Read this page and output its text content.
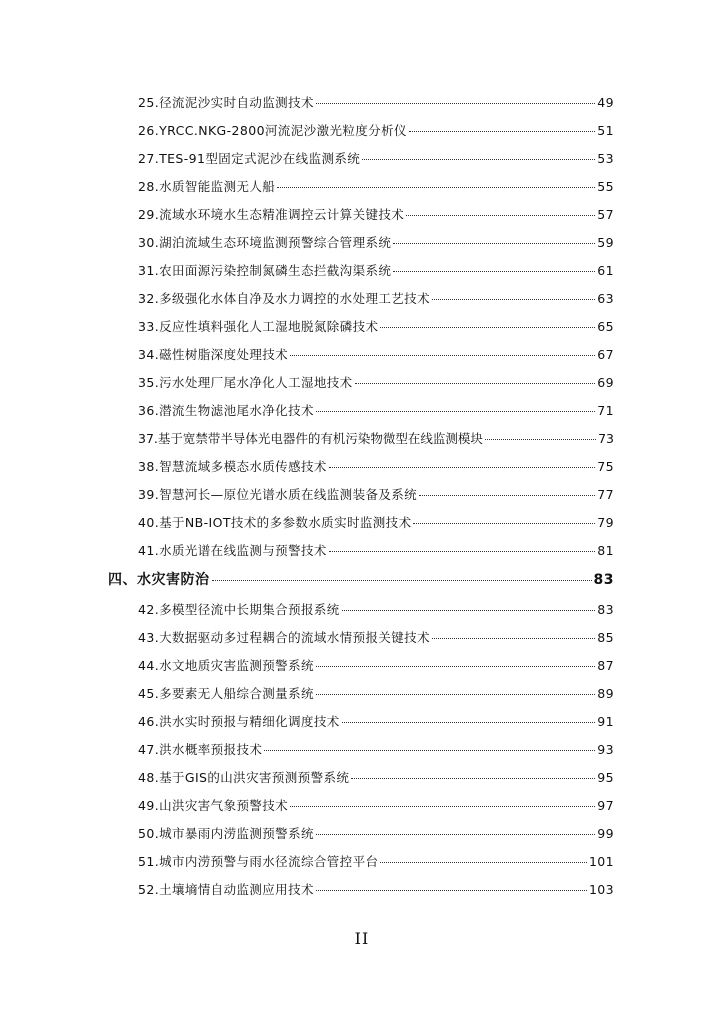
25.径流泥沙实时自动监测技术	49
26.YRCC.NKG-2800河流泥沙激光粒度分析仪	51
27.TES-91型固定式泥沙在线监测系统	53
28.水质智能监测无人船	55
29.流域水环境水生态精准调控云计算关键技术	57
30.湖泊流域生态环境监测预警综合管理系统	59
31.农田面源污染控制氮磷生态拦截沟渠系统	61
32.多级强化水体自净及水力调控的水处理工艺技术	63
33.反应性填料强化人工湿地脱氮除磷技术	65
34.磁性树脂深度处理技术	67
35.污水处理厂尾水净化人工湿地技术	69
36.潜流生物滤池尾水净化技术	71
37.基于宽禁带半导体光电器件的有机污染物微型在线监测模块	73
38.智慧流域多模态水质传感技术	75
39.智慧河长—原位光谱水质在线监测装备及系统	77
40.基于NB-IOT技术的多参数水质实时监测技术	79
41.水质光谱在线监测与预警技术	81
四、水灾害防治	83
42.多模型径流中长期集合预报系统	83
43.大数据驱动多过程耦合的流域水情预报关键技术	85
44.水文地质灾害监测预警系统	87
45.多要素无人船综合测量系统	89
46.洪水实时预报与精细化调度技术	91
47.洪水概率预报技术	93
48.基于GIS的山洪灾害预测预警系统	95
49.山洪灾害气象预警技术	97
50.城市暴雨内涝监测预警系统	99
51.城市内涝预警与雨水径流综合管控平台	101
52.土壤墒情自动监测应用技术	103
II
